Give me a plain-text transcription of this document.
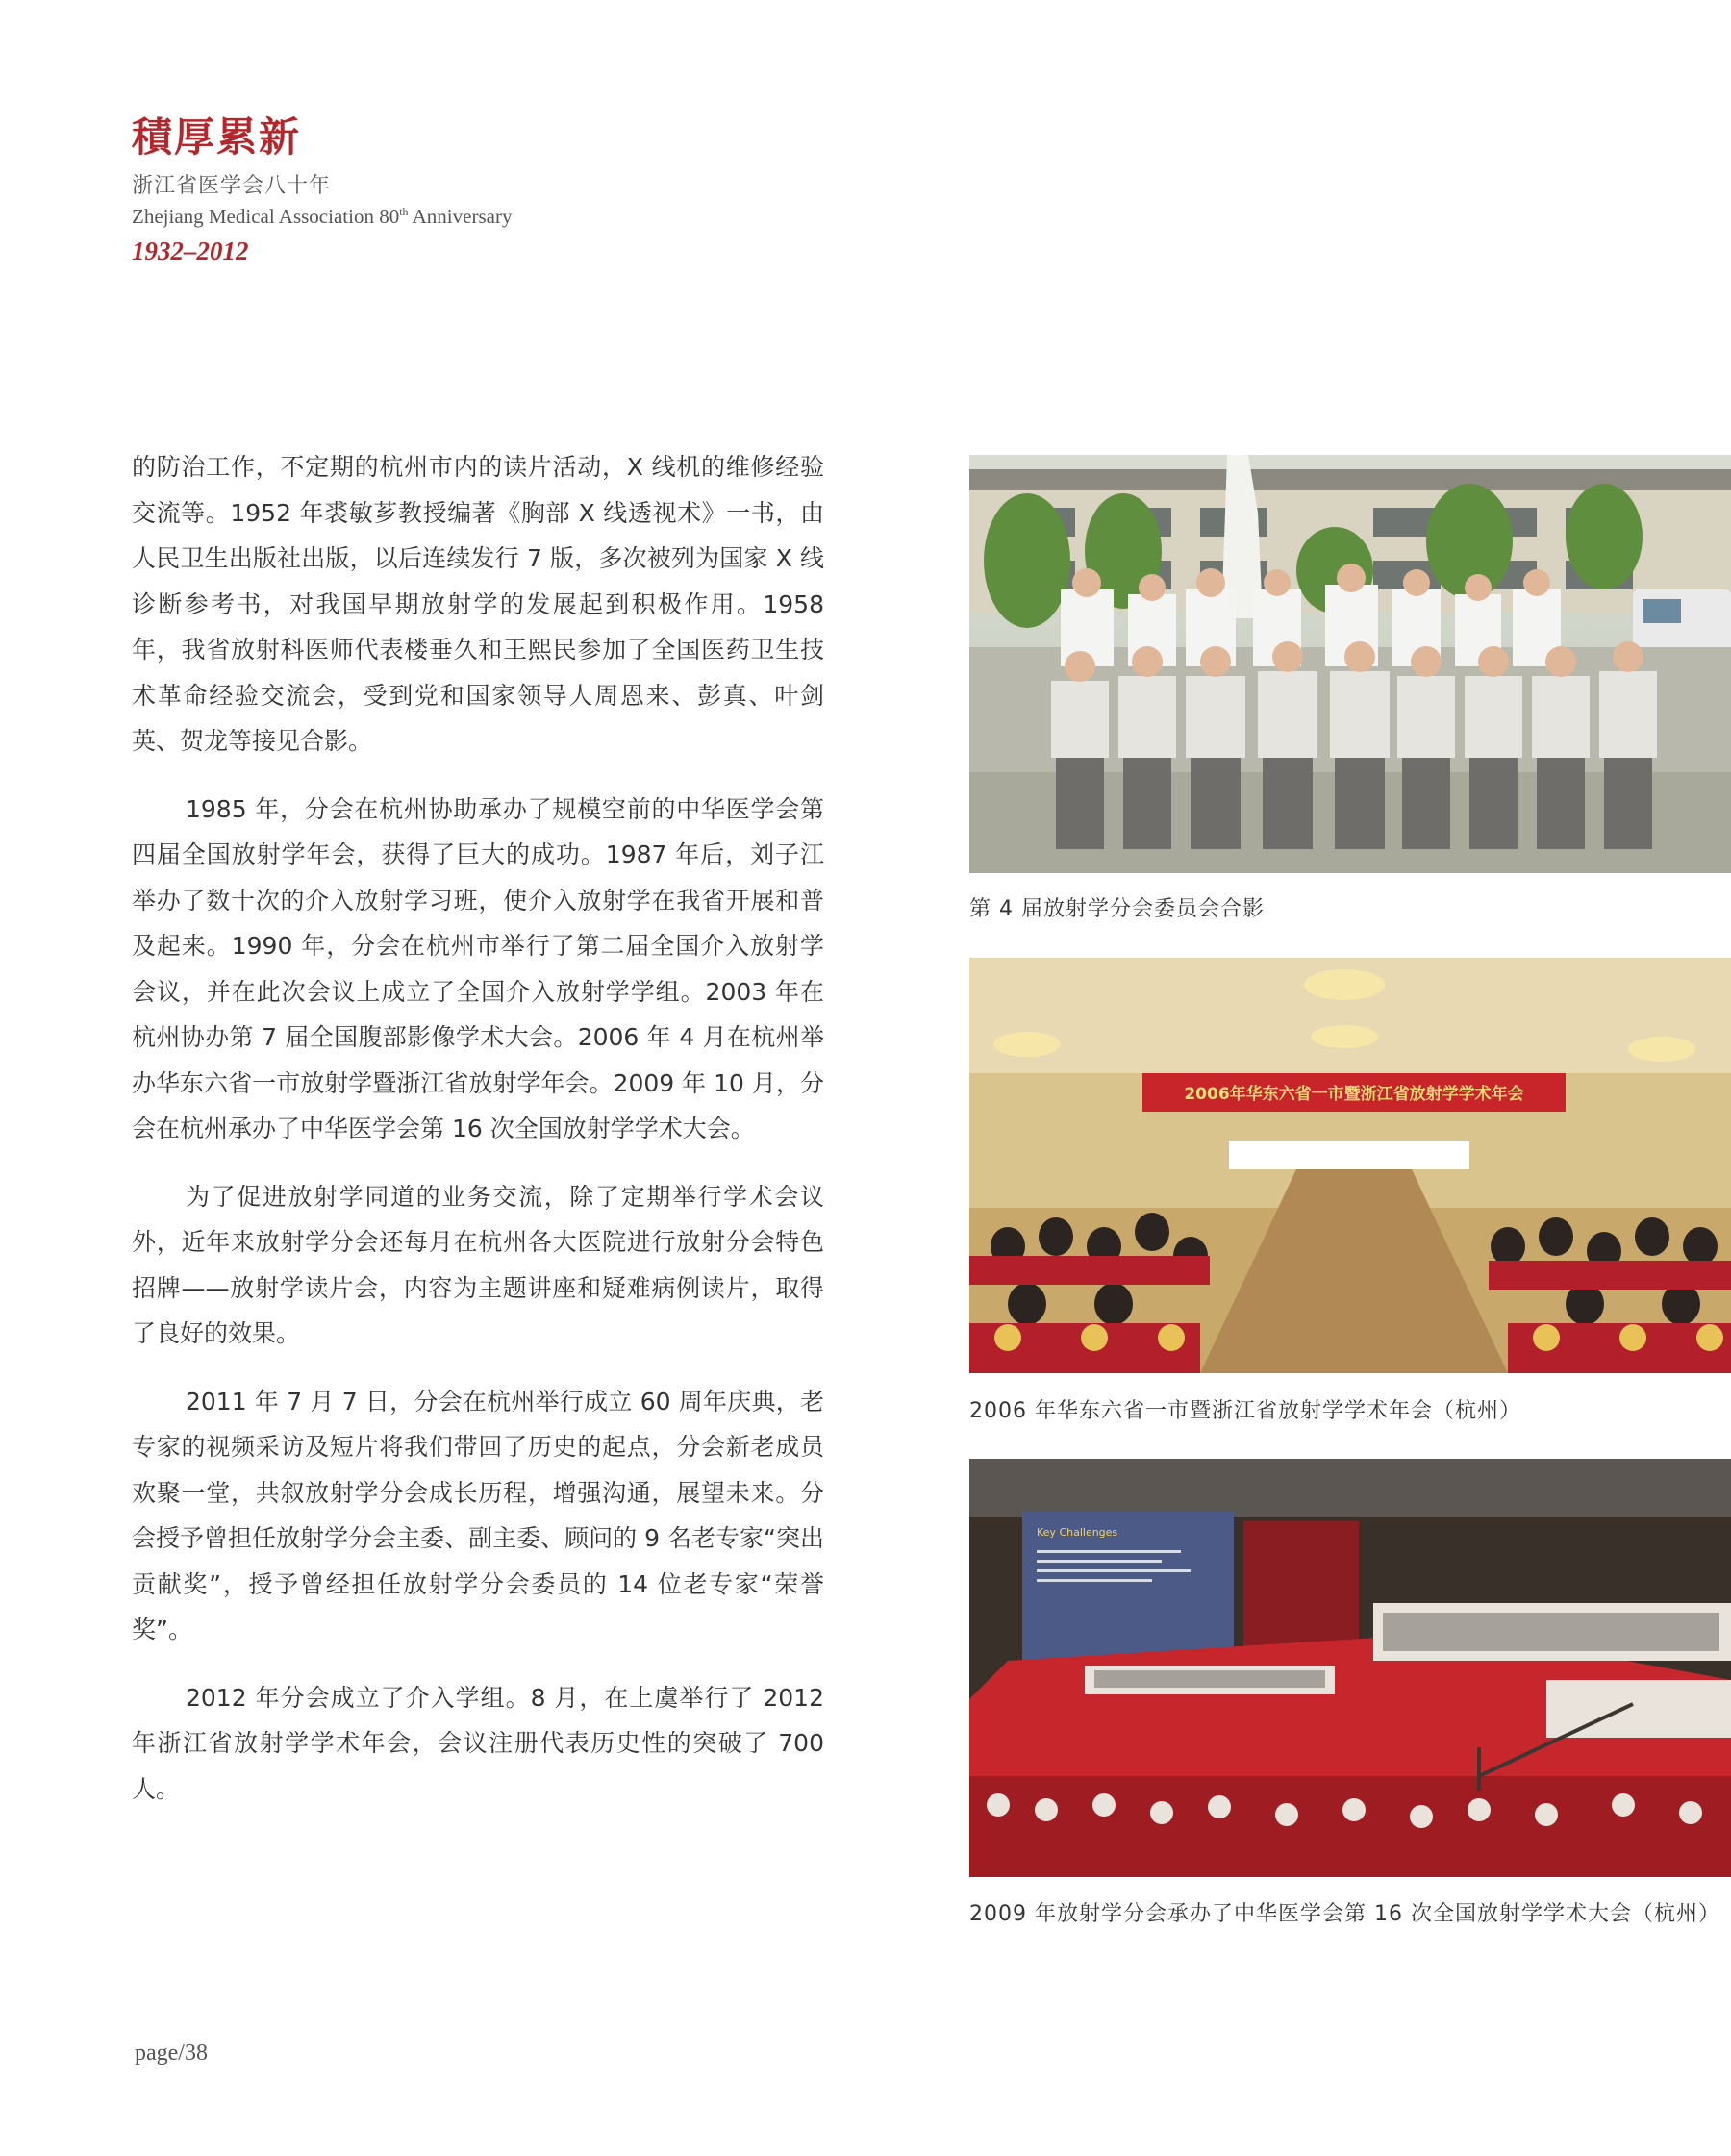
積厚累新
浙江省医学会八十年
Zhejiang Medical Association 80th Anniversary
1932–2012

的防治工作，不定期的杭州市内的读片活动，X 线机的维修经验交流等。1952 年裘敏芗教授编著《胸部 X 线透视术》一书，由人民卫生出版社出版，以后连续发行 7 版，多次被列为国家 X 线诊断参考书，对我国早期放射学的发展起到积极作用。1958 年，我省放射科医师代表楼垂久和王熙民参加了全国医药卫生技术革命经验交流会，受到党和国家领导人周恩来、彭真、叶剑英、贺龙等接见合影。

1985 年，分会在杭州协助承办了规模空前的中华医学会第四届全国放射学年会，获得了巨大的成功。1987 年后，刘子江举办了数十次的介入放射学习班，使介入放射学在我省开展和普及起来。1990 年，分会在杭州市举行了第二届全国介入放射学会议，并在此次会议上成立了全国介入放射学学组。2003 年在杭州协办第 7 届全国腹部影像学术大会。2006 年 4 月在杭州举办华东六省一市放射学暨浙江省放射学年会。2009 年 10 月，分会在杭州承办了中华医学会第 16 次全国放射学学术大会。

为了促进放射学同道的业务交流，除了定期举行学术会议外，近年来放射学分会还每月在杭州各大医院进行放射分会特色招牌——放射学读片会，内容为主题讲座和疑难病例读片，取得了良好的效果。

2011 年 7 月 7 日，分会在杭州举行成立 60 周年庆典，老专家的视频采访及短片将我们带回了历史的起点，分会新老成员欢聚一堂，共叙放射学分会成长历程，增强沟通，展望未来。分会授予曾担任放射学分会主委、副主委、顾问的 9 名老专家“突出贡献奖”，授予曾经担任放射学分会委员的 14 位老专家“荣誉奖”。

2012 年分会成立了介入学组。8 月，在上虞举行了 2012 年浙江省放射学学术年会，会议注册代表历史性的突破了 700 人。

第 4 届放射学分会委员会合影
2006年华东六省一市暨浙江省放射学学术年会
2006 年华东六省一市暨浙江省放射学学术年会（杭州）
Key Challenges
2009 年放射学分会承办了中华医学会第 16 次全国放射学学术大会（杭州）
page/38
